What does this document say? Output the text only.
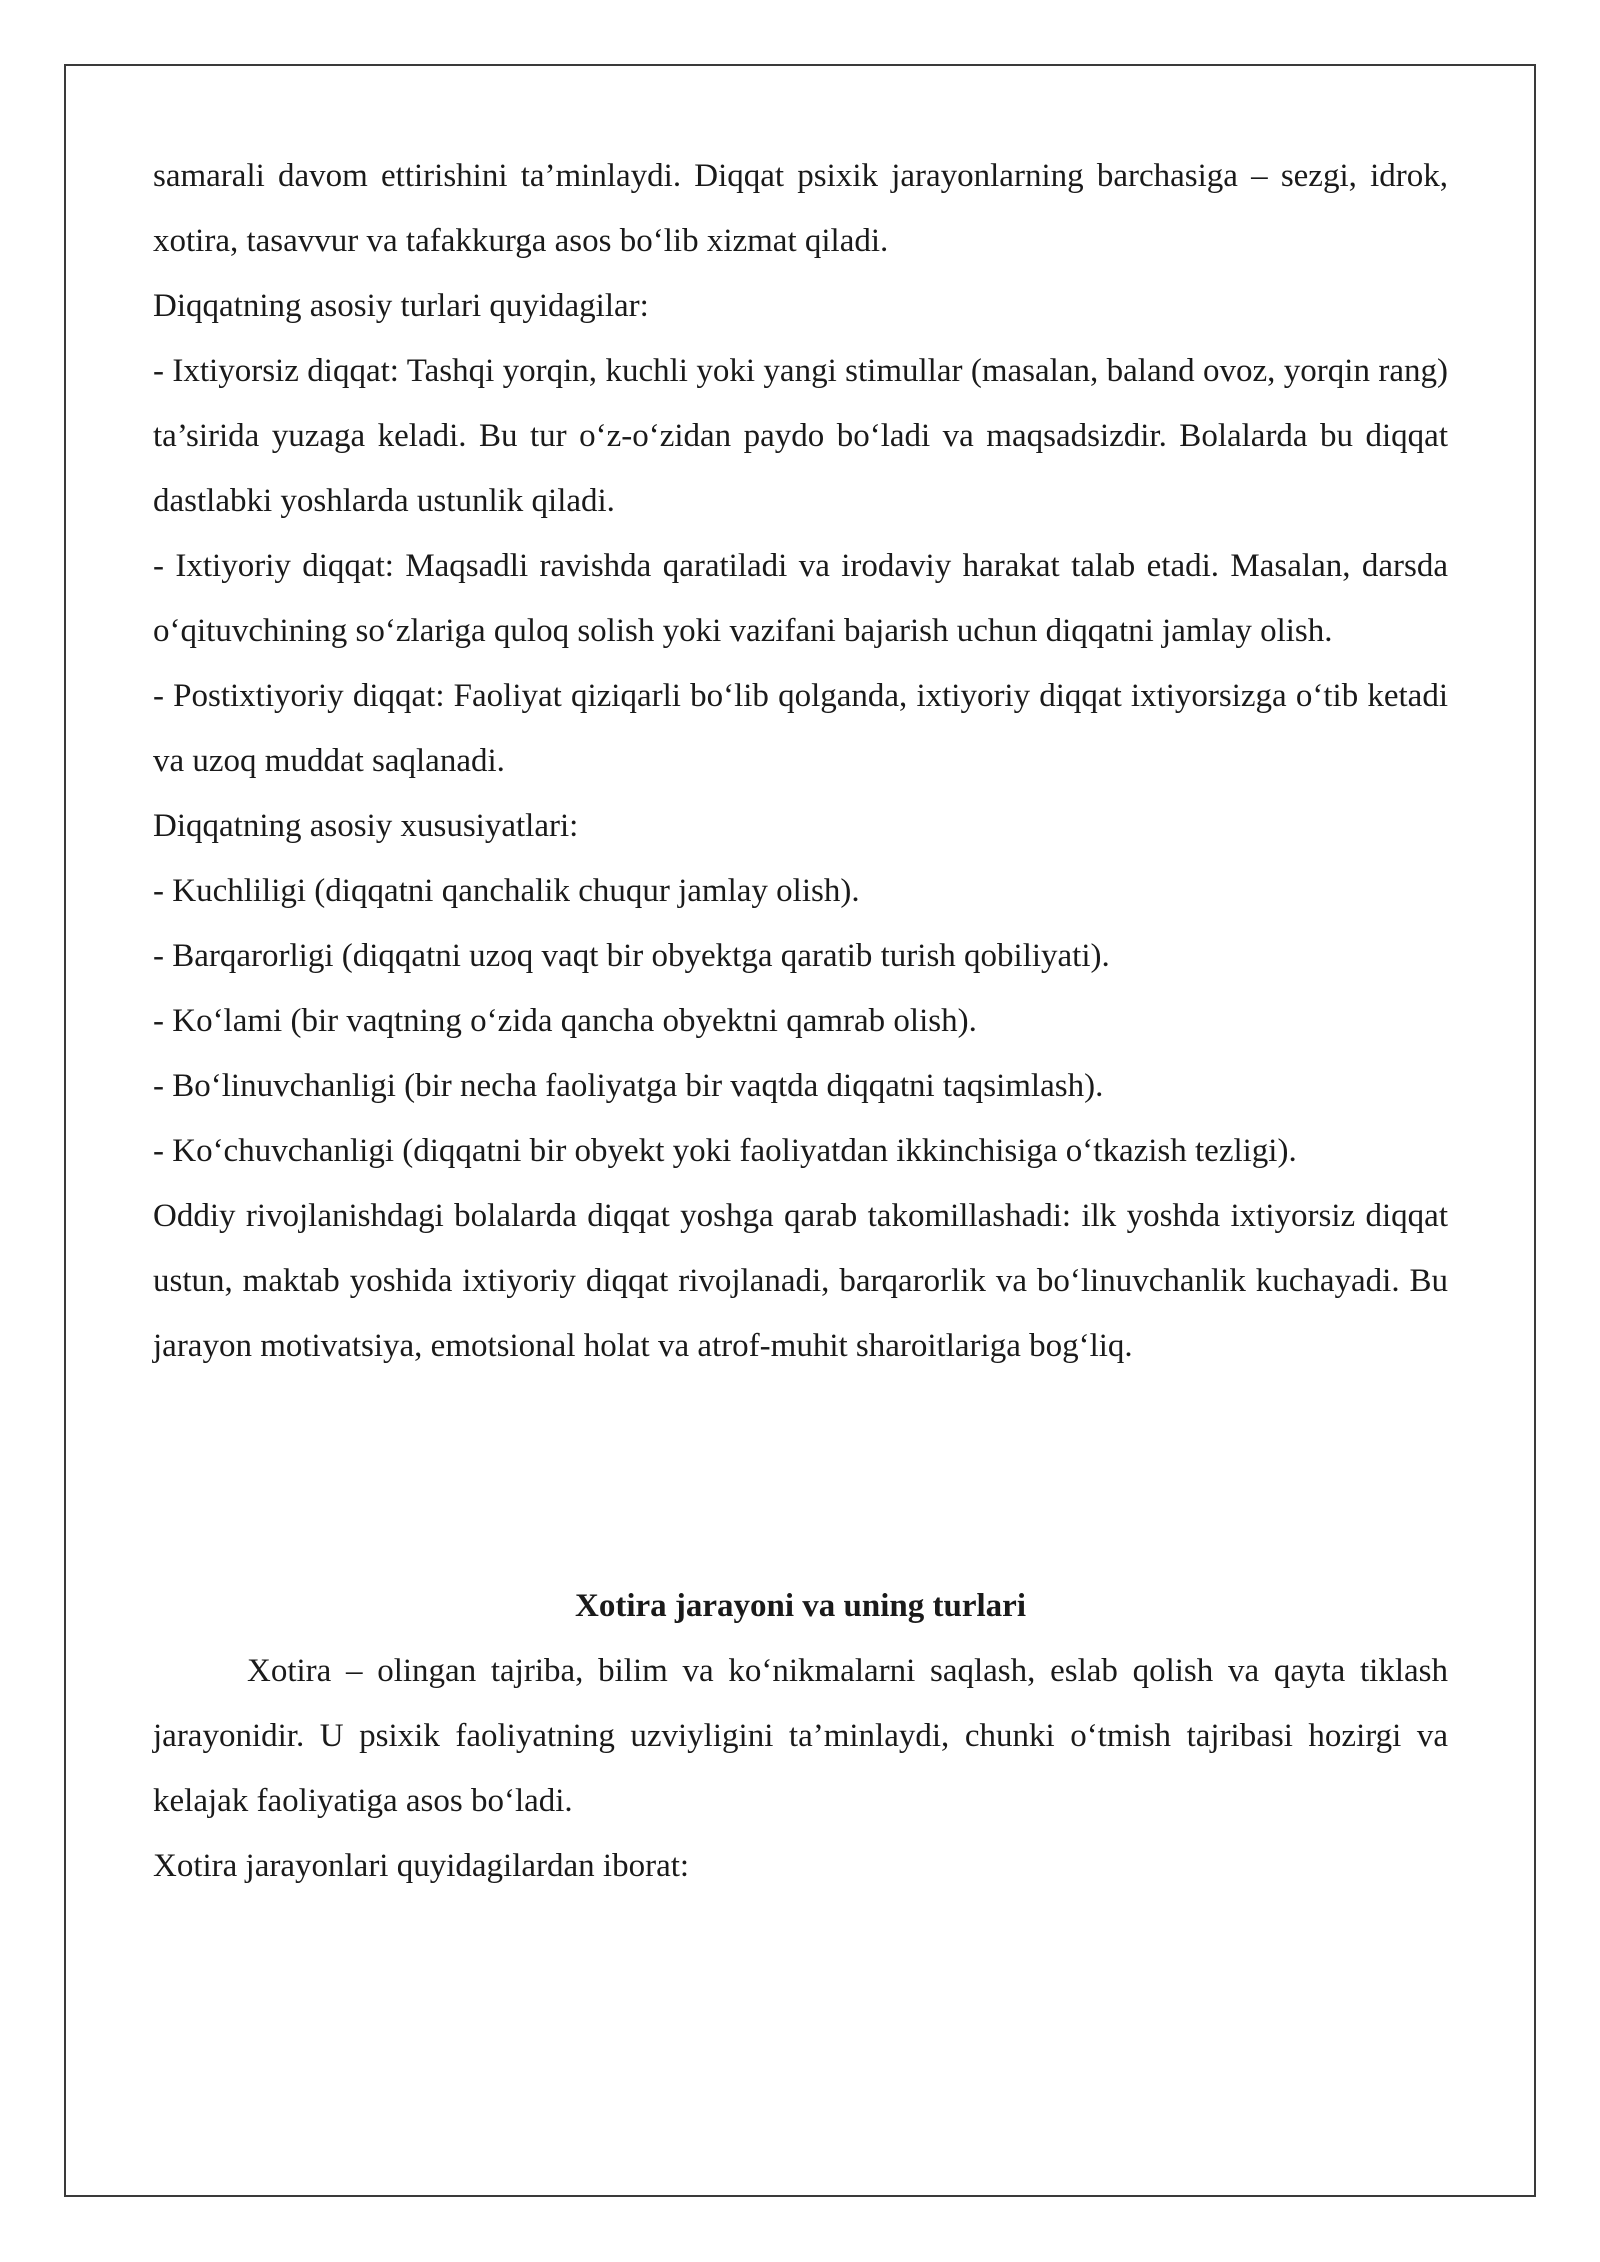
samarali davom ettirishini ta’minlaydi. Diqqat psixik jarayonlarning barchasiga – sezgi, idrok, xotira, tasavvur va tafakkurga asos bo‘lib xizmat qiladi.

Diqqatning asosiy turlari quyidagilar:

- Ixtiyorsiz diqqat: Tashqi yorqin, kuchli yoki yangi stimullar (masalan, baland ovoz, yorqin rang) ta’sirida yuzaga keladi. Bu tur o‘z-o‘zidan paydo bo‘ladi va maqsadsizdir. Bolalarda bu diqqat dastlabki yoshlarda ustunlik qiladi.

- Ixtiyoriy diqqat: Maqsadli ravishda qaratiladi va irodaviy harakat talab etadi. Masalan, darsda o‘qituvchining so‘zlariga quloq solish yoki vazifani bajarish uchun diqqatni jamlay olish.

- Postixtiyoriy diqqat: Faoliyat qiziqarli bo‘lib qolganda, ixtiyoriy diqqat ixtiyorsizga o‘tib ketadi va uzoq muddat saqlanadi.

Diqqatning asosiy xususiyatlari:

- Kuchliligi (diqqatni qanchalik chuqur jamlay olish).

- Barqarorligi (diqqatni uzoq vaqt bir obyektga qaratib turish qobiliyati).

- Ko‘lami (bir vaqtning o‘zida qancha obyektni qamrab olish).

- Bo‘linuvchanligi (bir necha faoliyatga bir vaqtda diqqatni taqsimlash).

- Ko‘chuvchanligi (diqqatni bir obyekt yoki faoliyatdan ikkinchisiga o‘tkazish tezligi).

Oddiy rivojlanishdagi bolalarda diqqat yoshga qarab takomillashadi: ilk yoshda ixtiyorsiz diqqat ustun, maktab yoshida ixtiyoriy diqqat rivojlanadi, barqarorlik va bo‘linuvchanlik kuchayadi. Bu jarayon motivatsiya, emotsional holat va atrof-muhit sharoitlariga bog‘liq.

Xotira jarayoni va uning turlari

Xotira – olingan tajriba, bilim va ko‘nikmalarni saqlash, eslab qolish va qayta tiklash jarayonidir. U psixik faoliyatning uzviyligini ta’minlaydi, chunki o‘tmish tajribasi hozirgi va kelajak faoliyatiga asos bo‘ladi.

Xotira jarayonlari quyidagilardan iborat:
